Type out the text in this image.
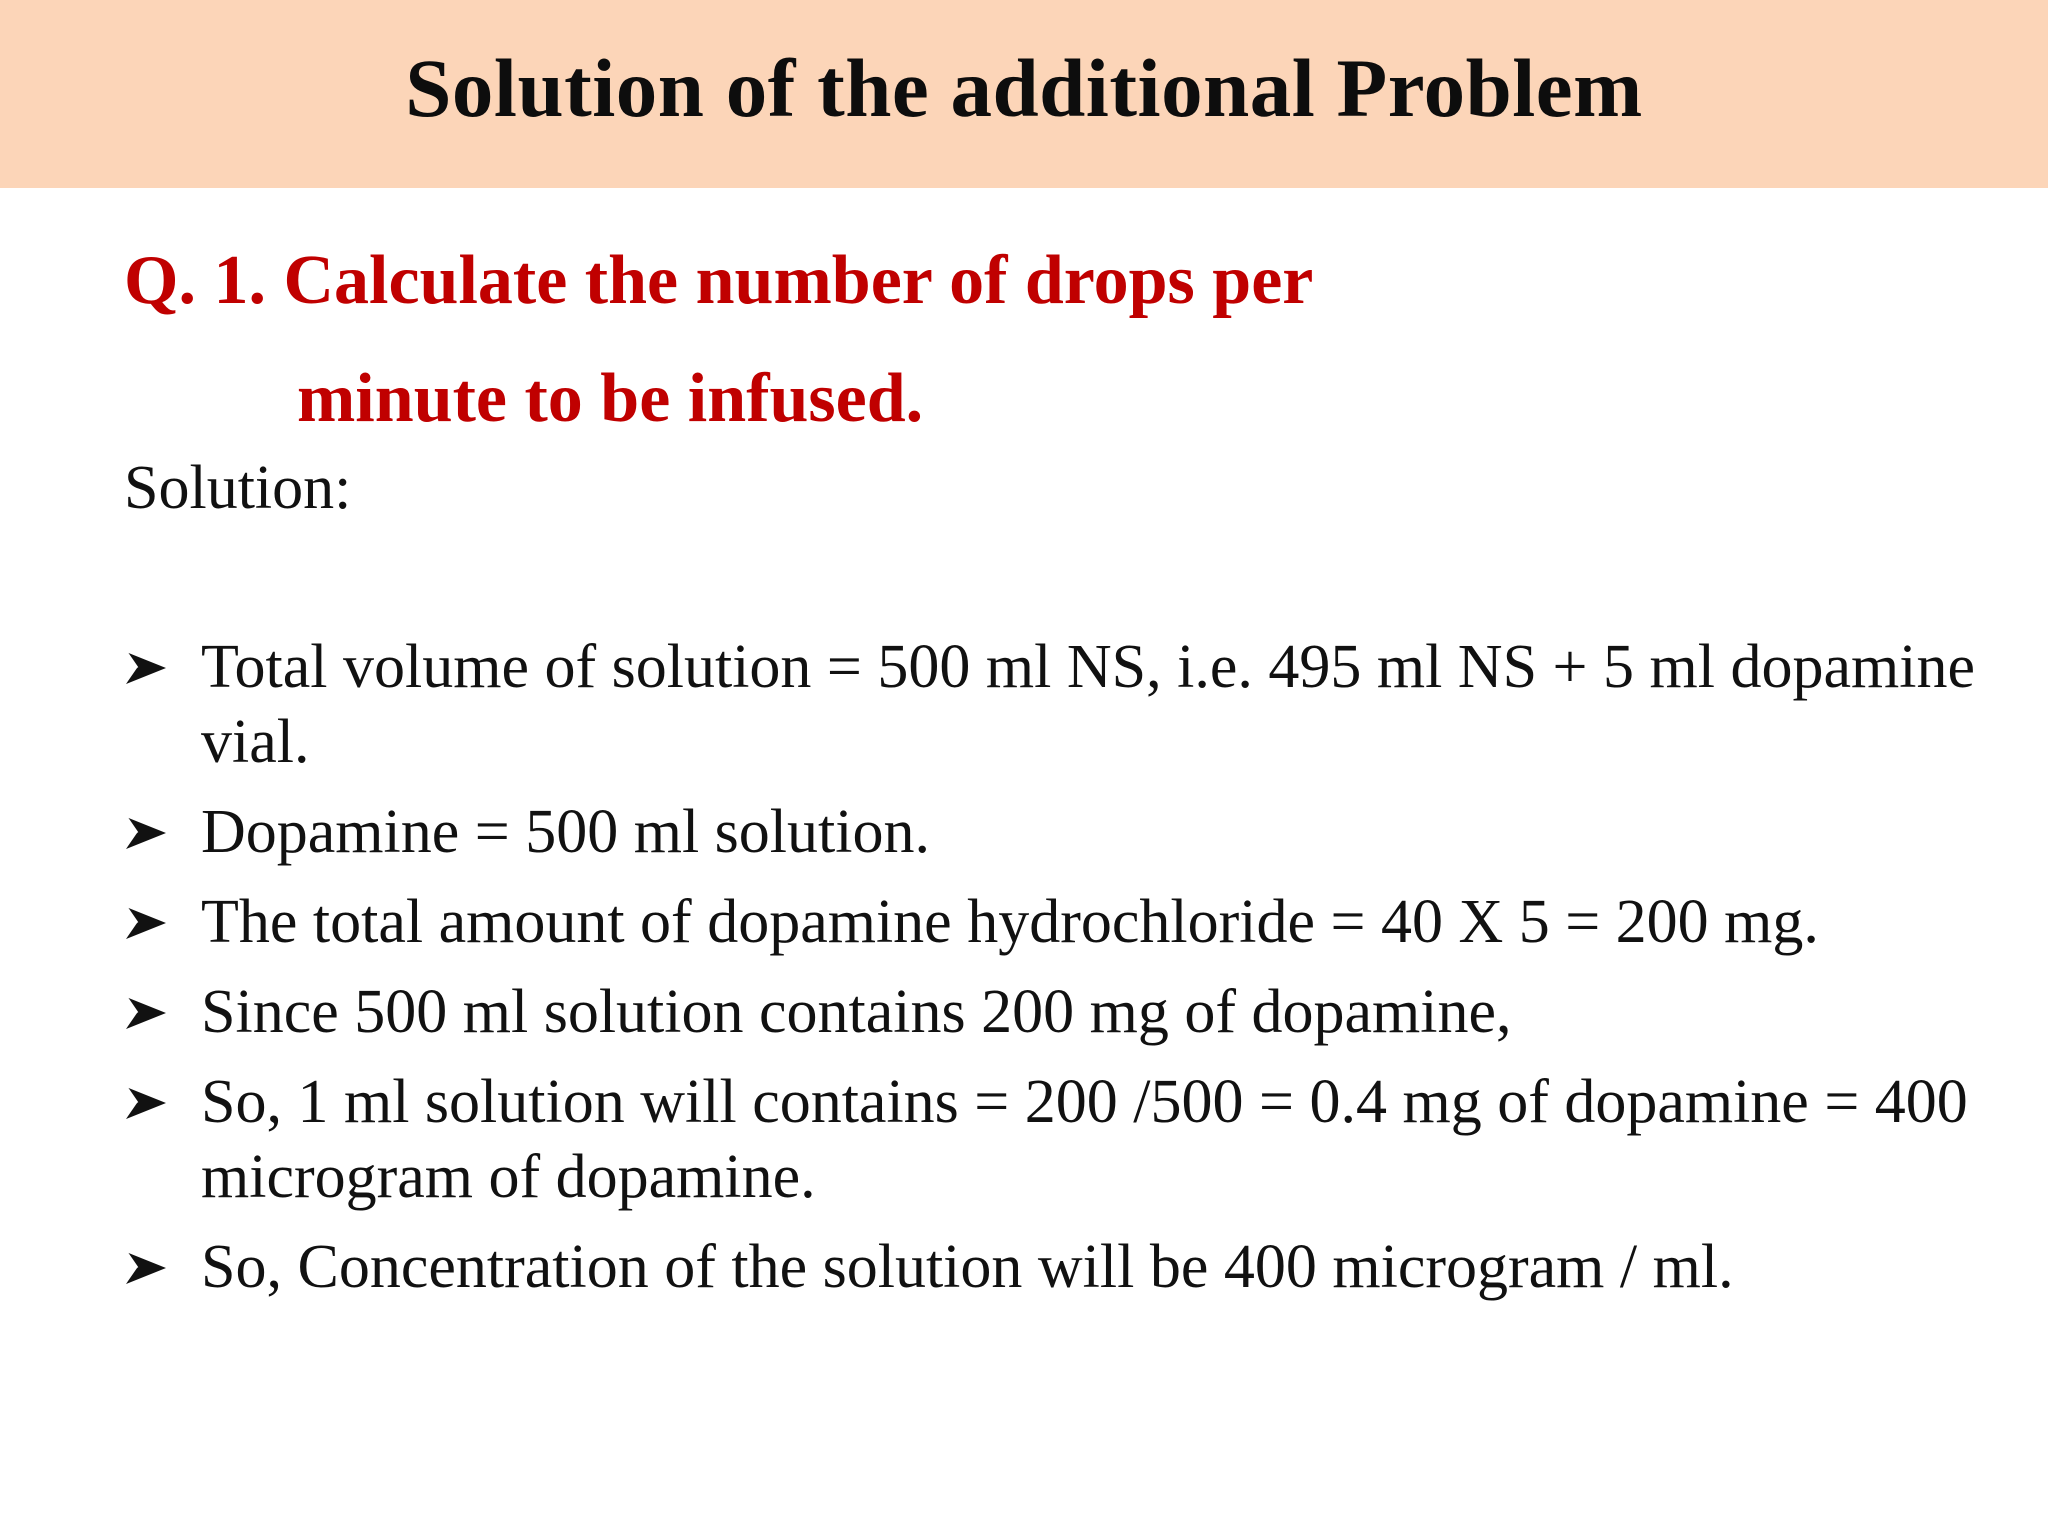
Solution of the additional Problem
Q. 1. Calculate the number of drops per
minute to be infused.
Solution:
Total volume of solution = 500 ml NS, i.e. 495 ml NS + 5 ml dopamine vial.
Dopamine = 500 ml solution.
The total amount of dopamine hydrochloride = 40 X 5 = 200 mg.
Since 500 ml solution contains 200 mg of dopamine,
So, 1 ml solution will contains = 200 /500 = 0.4 mg of dopamine = 400 microgram of dopamine.
So, Concentration of the solution will be 400 microgram / ml.
